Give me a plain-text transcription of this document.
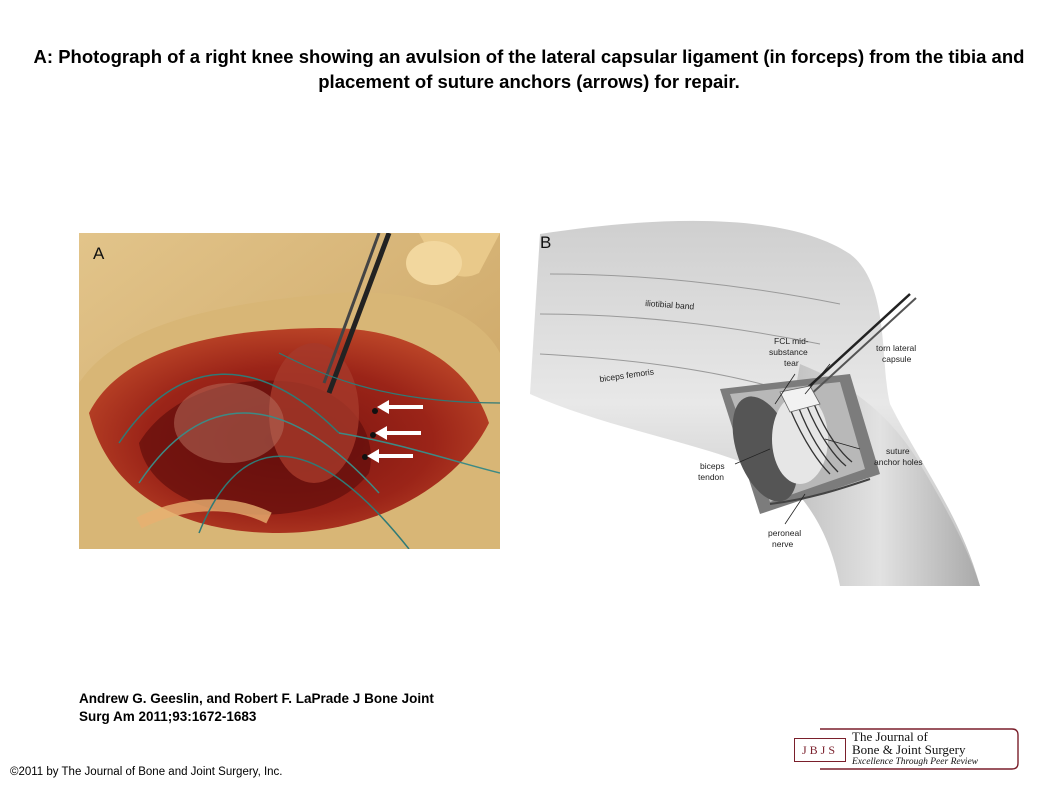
A: Photograph of a right knee showing an avulsion of the lateral capsular ligament (in forceps) from the tibia and placement of suture anchors (arrows) for repair.
A
B
iliotibial band
biceps femoris
FCL mid-
substance
tear
torn lateral
capsule
suture
anchor holes
biceps
tendon
peroneal
nerve
Andrew G. Geeslin, and Robert F. LaPrade J Bone Joint
Surg Am 2011;93:1672-1683
©2011 by The Journal of Bone and Joint Surgery, Inc.
JBJS
The Journal of
Bone & Joint Surgery
Excellence Through Peer Review
